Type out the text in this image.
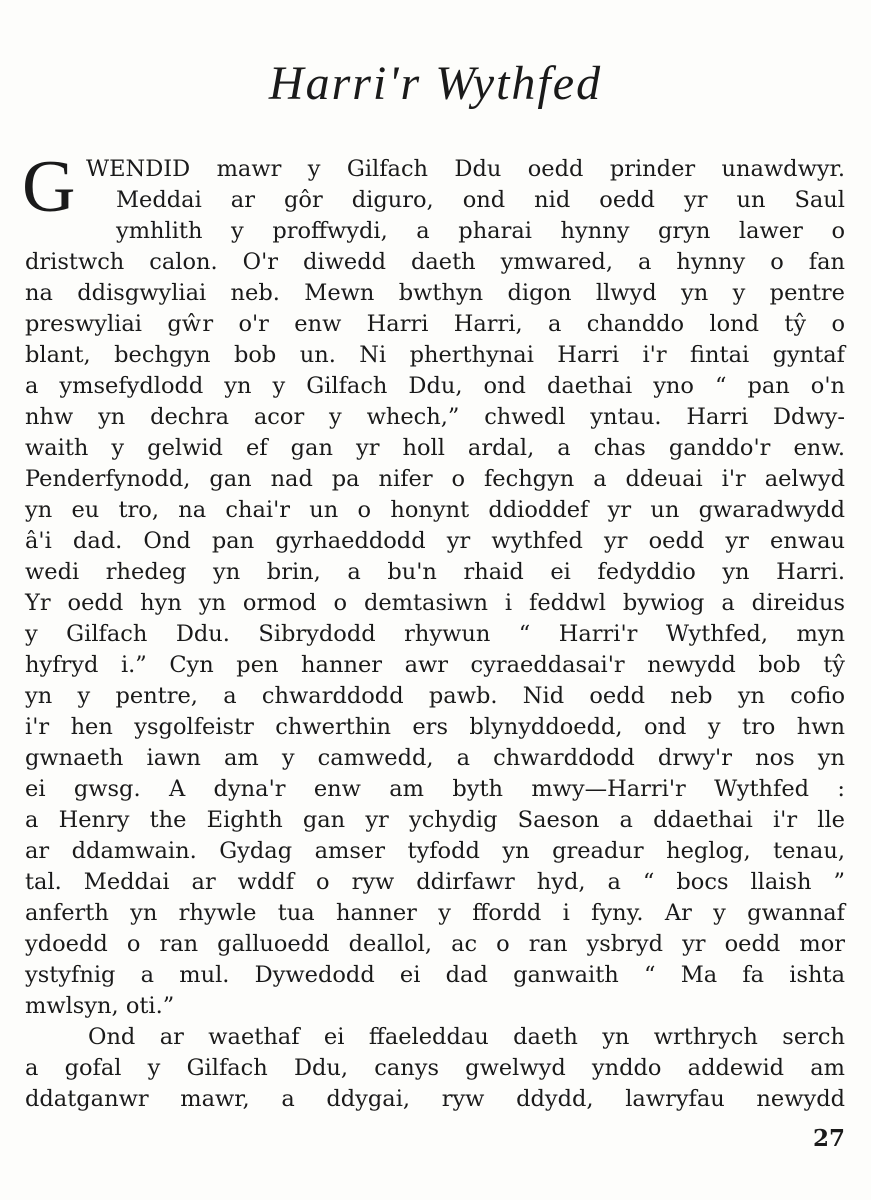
Harri'r Wythfed
G WENDID mawr y Gilfach Ddu oedd prinder unawdwyr.
Meddai ar gôr diguro, ond nid oedd yr un Saul
ymhlith y proffwydi, a pharai hynny gryn lawer o
dristwch calon. O'r diwedd daeth ymwared, a hynny o fan
na ddisgwyliai neb. Mewn bwthyn digon llwyd yn y pentre
preswyliai gŵr o'r enw Harri Harri, a chanddo lond tŷ o
blant, bechgyn bob un. Ni pherthynai Harri i'r fintai gyntaf
a ymsefydlodd yn y Gilfach Ddu, ond daethai yno “ pan o'n
nhw yn dechra acor y whech,” chwedl yntau. Harri Ddwy-
waith y gelwid ef gan yr holl ardal, a chas ganddo'r enw.
Penderfynodd, gan nad pa nifer o fechgyn a ddeuai i'r aelwyd
yn eu tro, na chai'r un o honynt ddioddef yr un gwaradwydd
â'i dad. Ond pan gyrhaeddodd yr wythfed yr oedd yr enwau
wedi rhedeg yn brin, a bu'n rhaid ei fedyddio yn Harri.
Yr oedd hyn yn ormod o demtasiwn i feddwl bywiog a direidus
y Gilfach Ddu. Sibrydodd rhywun “ Harri'r Wythfed, myn
hyfryd i.” Cyn pen hanner awr cyraeddasai'r newydd bob tŷ
yn y pentre, a chwarddodd pawb. Nid oedd neb yn cofio
i'r hen ysgolfeistr chwerthin ers blynyddoedd, ond y tro hwn
gwnaeth iawn am y camwedd, a chwarddodd drwy'r nos yn
ei gwsg. A dyna'r enw am byth mwy—Harri'r Wythfed :
a Henry the Eighth gan yr ychydig Saeson a ddaethai i'r lle
ar ddamwain. Gydag amser tyfodd yn greadur heglog, tenau,
tal. Meddai ar wddf o ryw ddirfawr hyd, a “ bocs llaish ”
anferth yn rhywle tua hanner y ffordd i fyny. Ar y gwannaf
ydoedd o ran galluoedd deallol, ac o ran ysbryd yr oedd mor
ystyfnig a mul. Dywedodd ei dad ganwaith “ Ma fa ishta
mwlsyn, oti.”
Ond ar waethaf ei ffaeleddau daeth yn wrthrych serch
a gofal y Gilfach Ddu, canys gwelwyd ynddo addewid am
ddatganwr mawr, a ddygai, ryw ddydd, lawryfau newydd
27
